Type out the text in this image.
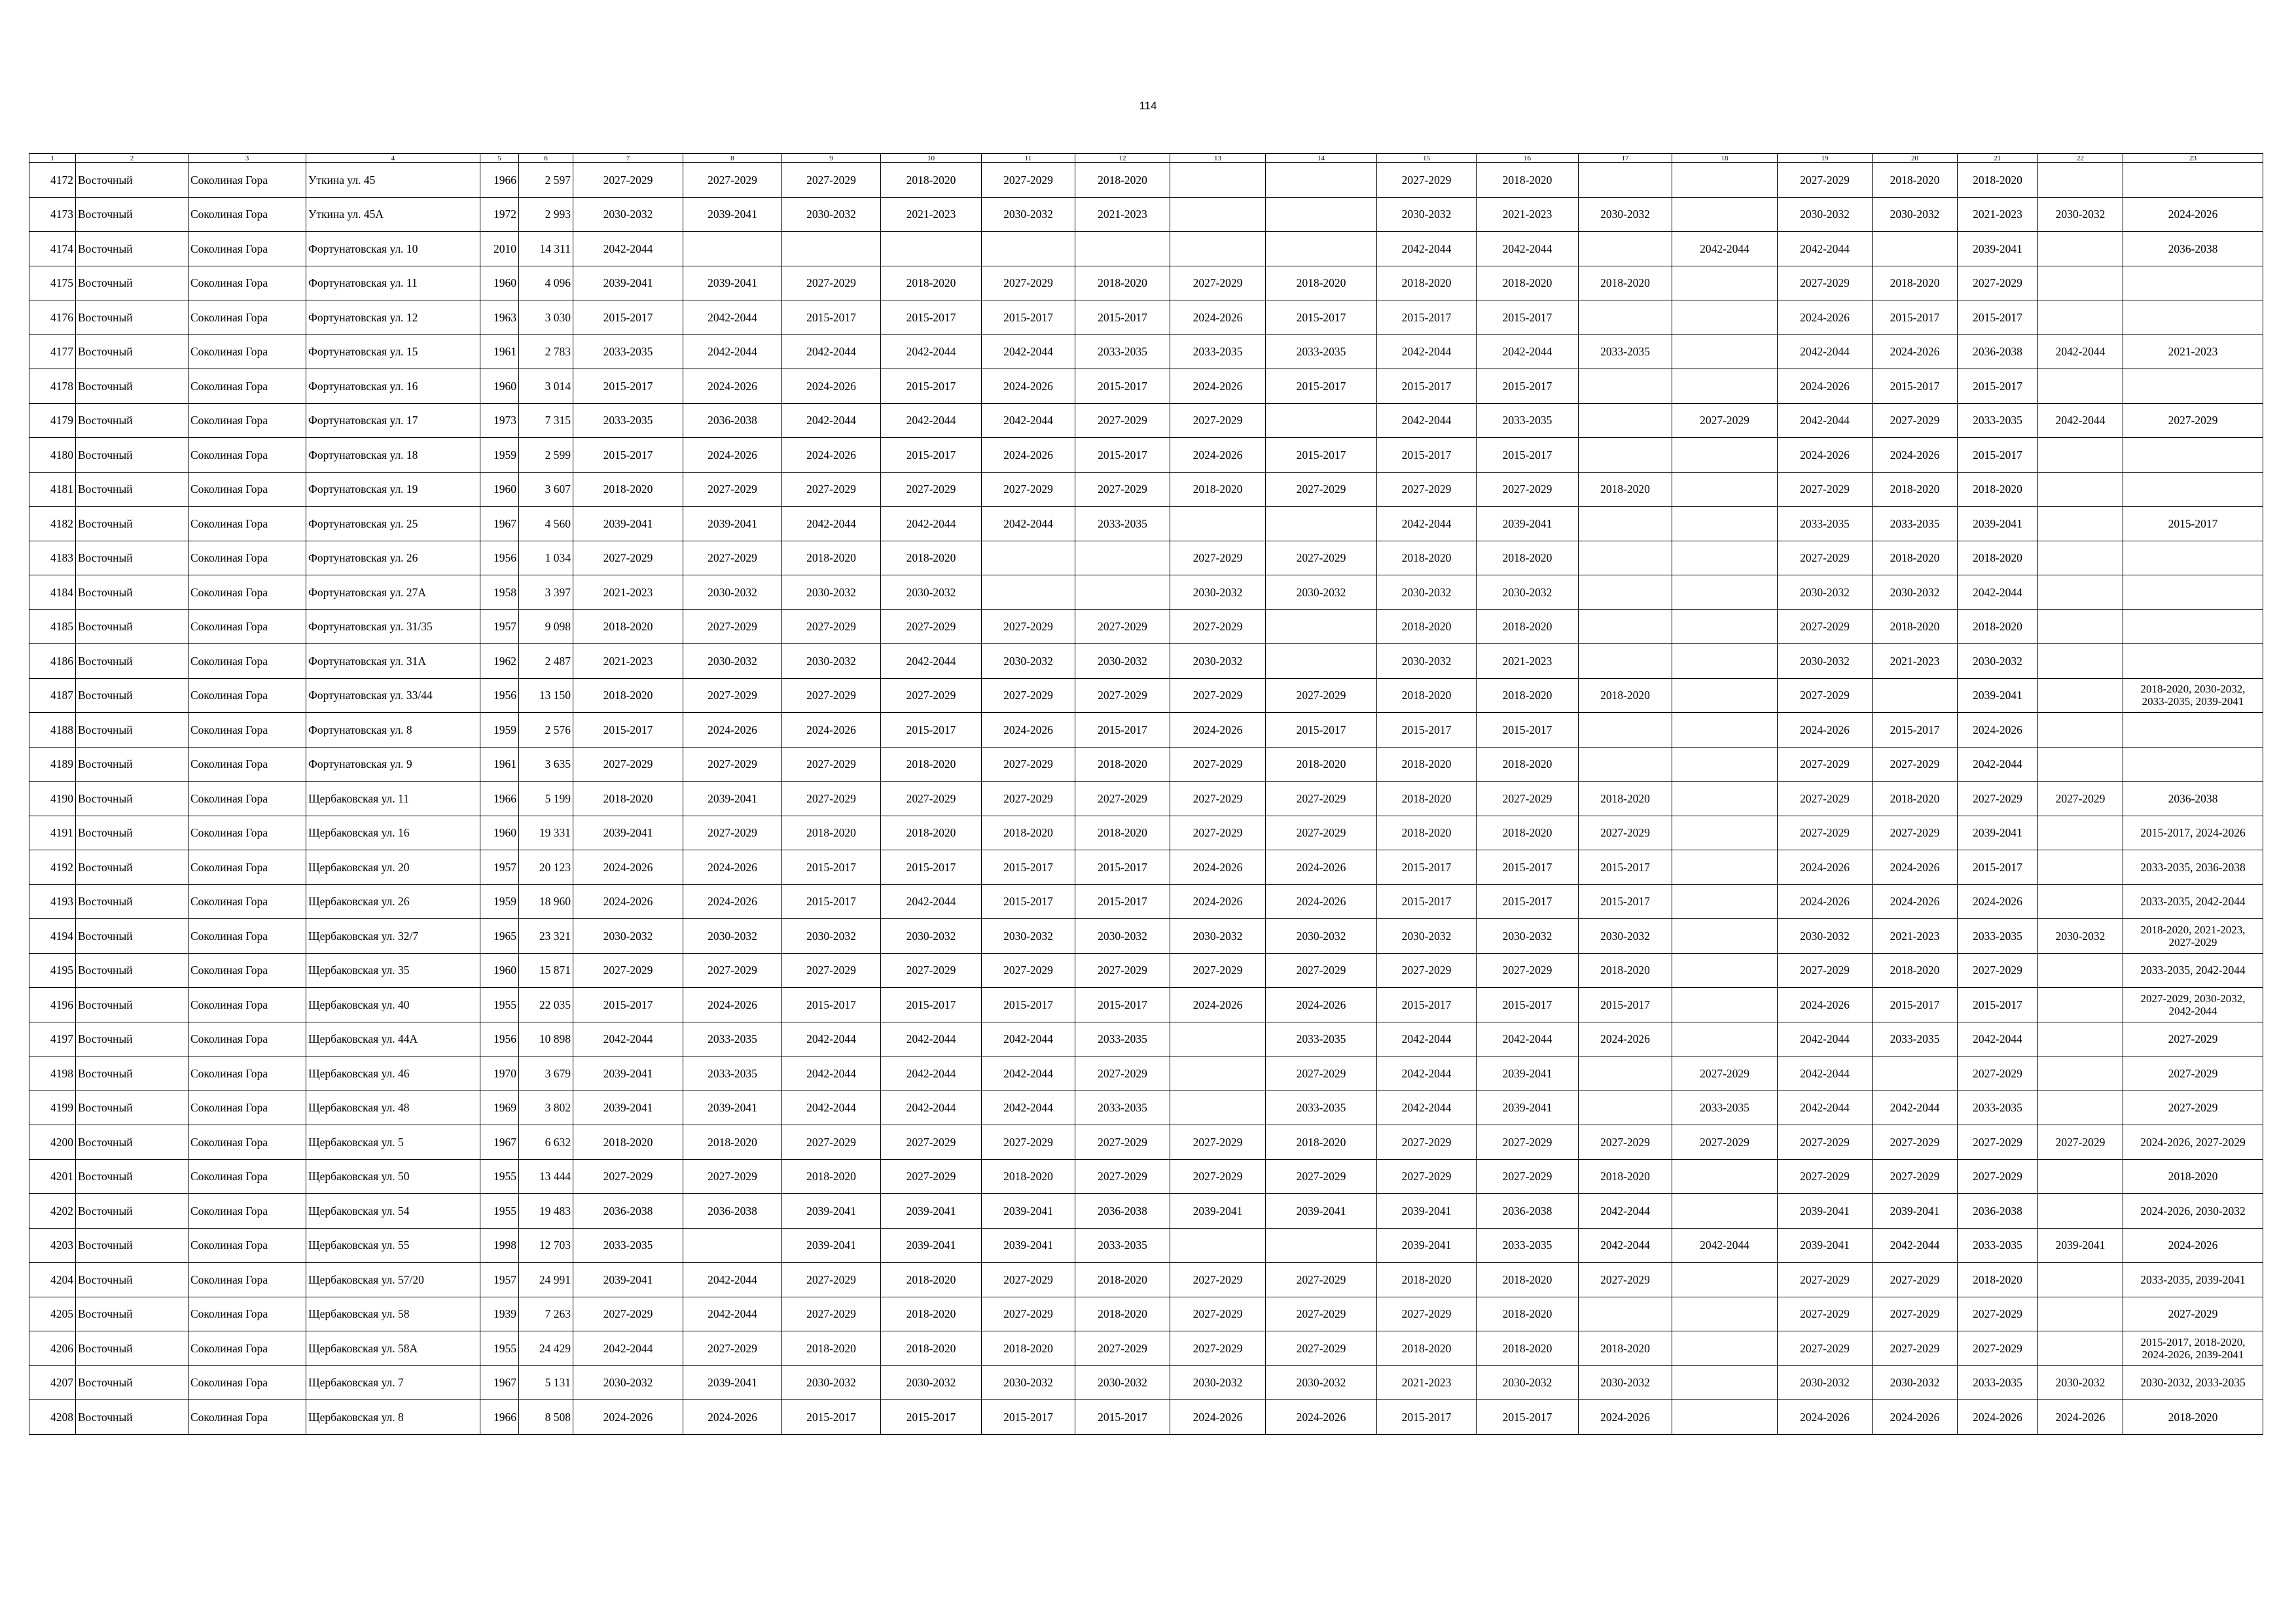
114
1	2	3	4	5	6	7	8	9	10	11	12	13	14	15	16	17	18	19	20	21	22	23
4172	Восточный	Соколиная Гора	Уткина ул. 45	1966	2 597	2027-2029	2027-2029	2027-2029	2018-2020	2027-2029	2018-2020			2027-2029	2018-2020			2027-2029	2018-2020	2018-2020		
4173	Восточный	Соколиная Гора	Уткина ул. 45А	1972	2 993	2030-2032	2039-2041	2030-2032	2021-2023	2030-2032	2021-2023			2030-2032	2021-2023	2030-2032		2030-2032	2030-2032	2021-2023	2030-2032	2024-2026
4174	Восточный	Соколиная Гора	Фортунатовская ул. 10	2010	14 311	2042-2044								2042-2044	2042-2044		2042-2044	2042-2044		2039-2041		2036-2038
4175	Восточный	Соколиная Гора	Фортунатовская ул. 11	1960	4 096	2039-2041	2039-2041	2027-2029	2018-2020	2027-2029	2018-2020	2027-2029	2018-2020	2018-2020	2018-2020	2018-2020		2027-2029	2018-2020	2027-2029		
4176	Восточный	Соколиная Гора	Фортунатовская ул. 12	1963	3 030	2015-2017	2042-2044	2015-2017	2015-2017	2015-2017	2015-2017	2024-2026	2015-2017	2015-2017	2015-2017			2024-2026	2015-2017	2015-2017		
4177	Восточный	Соколиная Гора	Фортунатовская ул. 15	1961	2 783	2033-2035	2042-2044	2042-2044	2042-2044	2042-2044	2033-2035	2033-2035	2033-2035	2042-2044	2042-2044	2033-2035		2042-2044	2024-2026	2036-2038	2042-2044	2021-2023
4178	Восточный	Соколиная Гора	Фортунатовская ул. 16	1960	3 014	2015-2017	2024-2026	2024-2026	2015-2017	2024-2026	2015-2017	2024-2026	2015-2017	2015-2017	2015-2017			2024-2026	2015-2017	2015-2017		
4179	Восточный	Соколиная Гора	Фортунатовская ул. 17	1973	7 315	2033-2035	2036-2038	2042-2044	2042-2044	2042-2044	2027-2029	2027-2029		2042-2044	2033-2035		2027-2029	2042-2044	2027-2029	2033-2035	2042-2044	2027-2029
4180	Восточный	Соколиная Гора	Фортунатовская ул. 18	1959	2 599	2015-2017	2024-2026	2024-2026	2015-2017	2024-2026	2015-2017	2024-2026	2015-2017	2015-2017	2015-2017			2024-2026	2024-2026	2015-2017		
4181	Восточный	Соколиная Гора	Фортунатовская ул. 19	1960	3 607	2018-2020	2027-2029	2027-2029	2027-2029	2027-2029	2027-2029	2018-2020	2027-2029	2027-2029	2027-2029	2018-2020		2027-2029	2018-2020	2018-2020		
4182	Восточный	Соколиная Гора	Фортунатовская ул. 25	1967	4 560	2039-2041	2039-2041	2042-2044	2042-2044	2042-2044	2033-2035			2042-2044	2039-2041			2033-2035	2033-2035	2039-2041		2015-2017
4183	Восточный	Соколиная Гора	Фортунатовская ул. 26	1956	1 034	2027-2029	2027-2029	2018-2020	2018-2020			2027-2029	2027-2029	2018-2020	2018-2020			2027-2029	2018-2020	2018-2020		
4184	Восточный	Соколиная Гора	Фортунатовская ул. 27А	1958	3 397	2021-2023	2030-2032	2030-2032	2030-2032			2030-2032	2030-2032	2030-2032	2030-2032			2030-2032	2030-2032	2042-2044		
4185	Восточный	Соколиная Гора	Фортунатовская ул. 31/35	1957	9 098	2018-2020	2027-2029	2027-2029	2027-2029	2027-2029	2027-2029	2027-2029		2018-2020	2018-2020			2027-2029	2018-2020	2018-2020		
4186	Восточный	Соколиная Гора	Фортунатовская ул. 31А	1962	2 487	2021-2023	2030-2032	2030-2032	2042-2044	2030-2032	2030-2032	2030-2032		2030-2032	2021-2023			2030-2032	2021-2023	2030-2032		
4187	Восточный	Соколиная Гора	Фортунатовская ул. 33/44	1956	13 150	2018-2020	2027-2029	2027-2029	2027-2029	2027-2029	2027-2029	2027-2029	2027-2029	2018-2020	2018-2020	2018-2020		2027-2029		2039-2041		2018-2020, 2030-2032, 2033-2035, 2039-2041
4188	Восточный	Соколиная Гора	Фортунатовская ул. 8	1959	2 576	2015-2017	2024-2026	2024-2026	2015-2017	2024-2026	2015-2017	2024-2026	2015-2017	2015-2017	2015-2017			2024-2026	2015-2017	2024-2026		
4189	Восточный	Соколиная Гора	Фортунатовская ул. 9	1961	3 635	2027-2029	2027-2029	2027-2029	2018-2020	2027-2029	2018-2020	2027-2029	2018-2020	2018-2020	2018-2020			2027-2029	2027-2029	2042-2044		
4190	Восточный	Соколиная Гора	Щербаковская ул. 11	1966	5 199	2018-2020	2039-2041	2027-2029	2027-2029	2027-2029	2027-2029	2027-2029	2027-2029	2018-2020	2027-2029	2018-2020		2027-2029	2018-2020	2027-2029	2027-2029	2036-2038
4191	Восточный	Соколиная Гора	Щербаковская ул. 16	1960	19 331	2039-2041	2027-2029	2018-2020	2018-2020	2018-2020	2018-2020	2027-2029	2027-2029	2018-2020	2018-2020	2027-2029		2027-2029	2027-2029	2039-2041		2015-2017, 2024-2026
4192	Восточный	Соколиная Гора	Щербаковская ул. 20	1957	20 123	2024-2026	2024-2026	2015-2017	2015-2017	2015-2017	2015-2017	2024-2026	2024-2026	2015-2017	2015-2017	2015-2017		2024-2026	2024-2026	2015-2017		2033-2035, 2036-2038
4193	Восточный	Соколиная Гора	Щербаковская ул. 26	1959	18 960	2024-2026	2024-2026	2015-2017	2042-2044	2015-2017	2015-2017	2024-2026	2024-2026	2015-2017	2015-2017	2015-2017		2024-2026	2024-2026	2024-2026		2033-2035, 2042-2044
4194	Восточный	Соколиная Гора	Щербаковская ул. 32/7	1965	23 321	2030-2032	2030-2032	2030-2032	2030-2032	2030-2032	2030-2032	2030-2032	2030-2032	2030-2032	2030-2032	2030-2032		2030-2032	2021-2023	2033-2035	2030-2032	2018-2020, 2021-2023, 2027-2029
4195	Восточный	Соколиная Гора	Щербаковская ул. 35	1960	15 871	2027-2029	2027-2029	2027-2029	2027-2029	2027-2029	2027-2029	2027-2029	2027-2029	2027-2029	2027-2029	2018-2020		2027-2029	2018-2020	2027-2029		2033-2035, 2042-2044
4196	Восточный	Соколиная Гора	Щербаковская ул. 40	1955	22 035	2015-2017	2024-2026	2015-2017	2015-2017	2015-2017	2015-2017	2024-2026	2024-2026	2015-2017	2015-2017	2015-2017		2024-2026	2015-2017	2015-2017		2027-2029, 2030-2032, 2042-2044
4197	Восточный	Соколиная Гора	Щербаковская ул. 44А	1956	10 898	2042-2044	2033-2035	2042-2044	2042-2044	2042-2044	2033-2035		2033-2035	2042-2044	2042-2044	2024-2026		2042-2044	2033-2035	2042-2044		2027-2029
4198	Восточный	Соколиная Гора	Щербаковская ул. 46	1970	3 679	2039-2041	2033-2035	2042-2044	2042-2044	2042-2044	2027-2029		2027-2029	2042-2044	2039-2041		2027-2029	2042-2044		2027-2029		2027-2029
4199	Восточный	Соколиная Гора	Щербаковская ул. 48	1969	3 802	2039-2041	2039-2041	2042-2044	2042-2044	2042-2044	2033-2035		2033-2035	2042-2044	2039-2041		2033-2035	2042-2044	2042-2044	2033-2035		2027-2029
4200	Восточный	Соколиная Гора	Щербаковская ул. 5	1967	6 632	2018-2020	2018-2020	2027-2029	2027-2029	2027-2029	2027-2029	2027-2029	2018-2020	2027-2029	2027-2029	2027-2029	2027-2029	2027-2029	2027-2029	2027-2029	2027-2029	2024-2026, 2027-2029
4201	Восточный	Соколиная Гора	Щербаковская ул. 50	1955	13 444	2027-2029	2027-2029	2018-2020	2027-2029	2018-2020	2027-2029	2027-2029	2027-2029	2027-2029	2027-2029	2018-2020		2027-2029	2027-2029	2027-2029		2018-2020
4202	Восточный	Соколиная Гора	Щербаковская ул. 54	1955	19 483	2036-2038	2036-2038	2039-2041	2039-2041	2039-2041	2036-2038	2039-2041	2039-2041	2039-2041	2036-2038	2042-2044		2039-2041	2039-2041	2036-2038		2024-2026, 2030-2032
4203	Восточный	Соколиная Гора	Щербаковская ул. 55	1998	12 703	2033-2035		2039-2041	2039-2041	2039-2041	2033-2035			2039-2041	2033-2035	2042-2044	2042-2044	2039-2041	2042-2044	2033-2035	2039-2041	2024-2026
4204	Восточный	Соколиная Гора	Щербаковская ул. 57/20	1957	24 991	2039-2041	2042-2044	2027-2029	2018-2020	2027-2029	2018-2020	2027-2029	2027-2029	2018-2020	2018-2020	2027-2029		2027-2029	2027-2029	2018-2020		2033-2035, 2039-2041
4205	Восточный	Соколиная Гора	Щербаковская ул. 58	1939	7 263	2027-2029	2042-2044	2027-2029	2018-2020	2027-2029	2018-2020	2027-2029	2027-2029	2027-2029	2018-2020			2027-2029	2027-2029	2027-2029		2027-2029
4206	Восточный	Соколиная Гора	Щербаковская ул. 58А	1955	24 429	2042-2044	2027-2029	2018-2020	2018-2020	2018-2020	2027-2029	2027-2029	2027-2029	2018-2020	2018-2020	2018-2020		2027-2029	2027-2029	2027-2029		2015-2017, 2018-2020, 2024-2026, 2039-2041
4207	Восточный	Соколиная Гора	Щербаковская ул. 7	1967	5 131	2030-2032	2039-2041	2030-2032	2030-2032	2030-2032	2030-2032	2030-2032	2030-2032	2021-2023	2030-2032	2030-2032		2030-2032	2030-2032	2033-2035	2030-2032	2030-2032, 2033-2035
4208	Восточный	Соколиная Гора	Щербаковская ул. 8	1966	8 508	2024-2026	2024-2026	2015-2017	2015-2017	2015-2017	2015-2017	2024-2026	2024-2026	2015-2017	2015-2017	2024-2026		2024-2026	2024-2026	2024-2026	2024-2026	2018-2020
